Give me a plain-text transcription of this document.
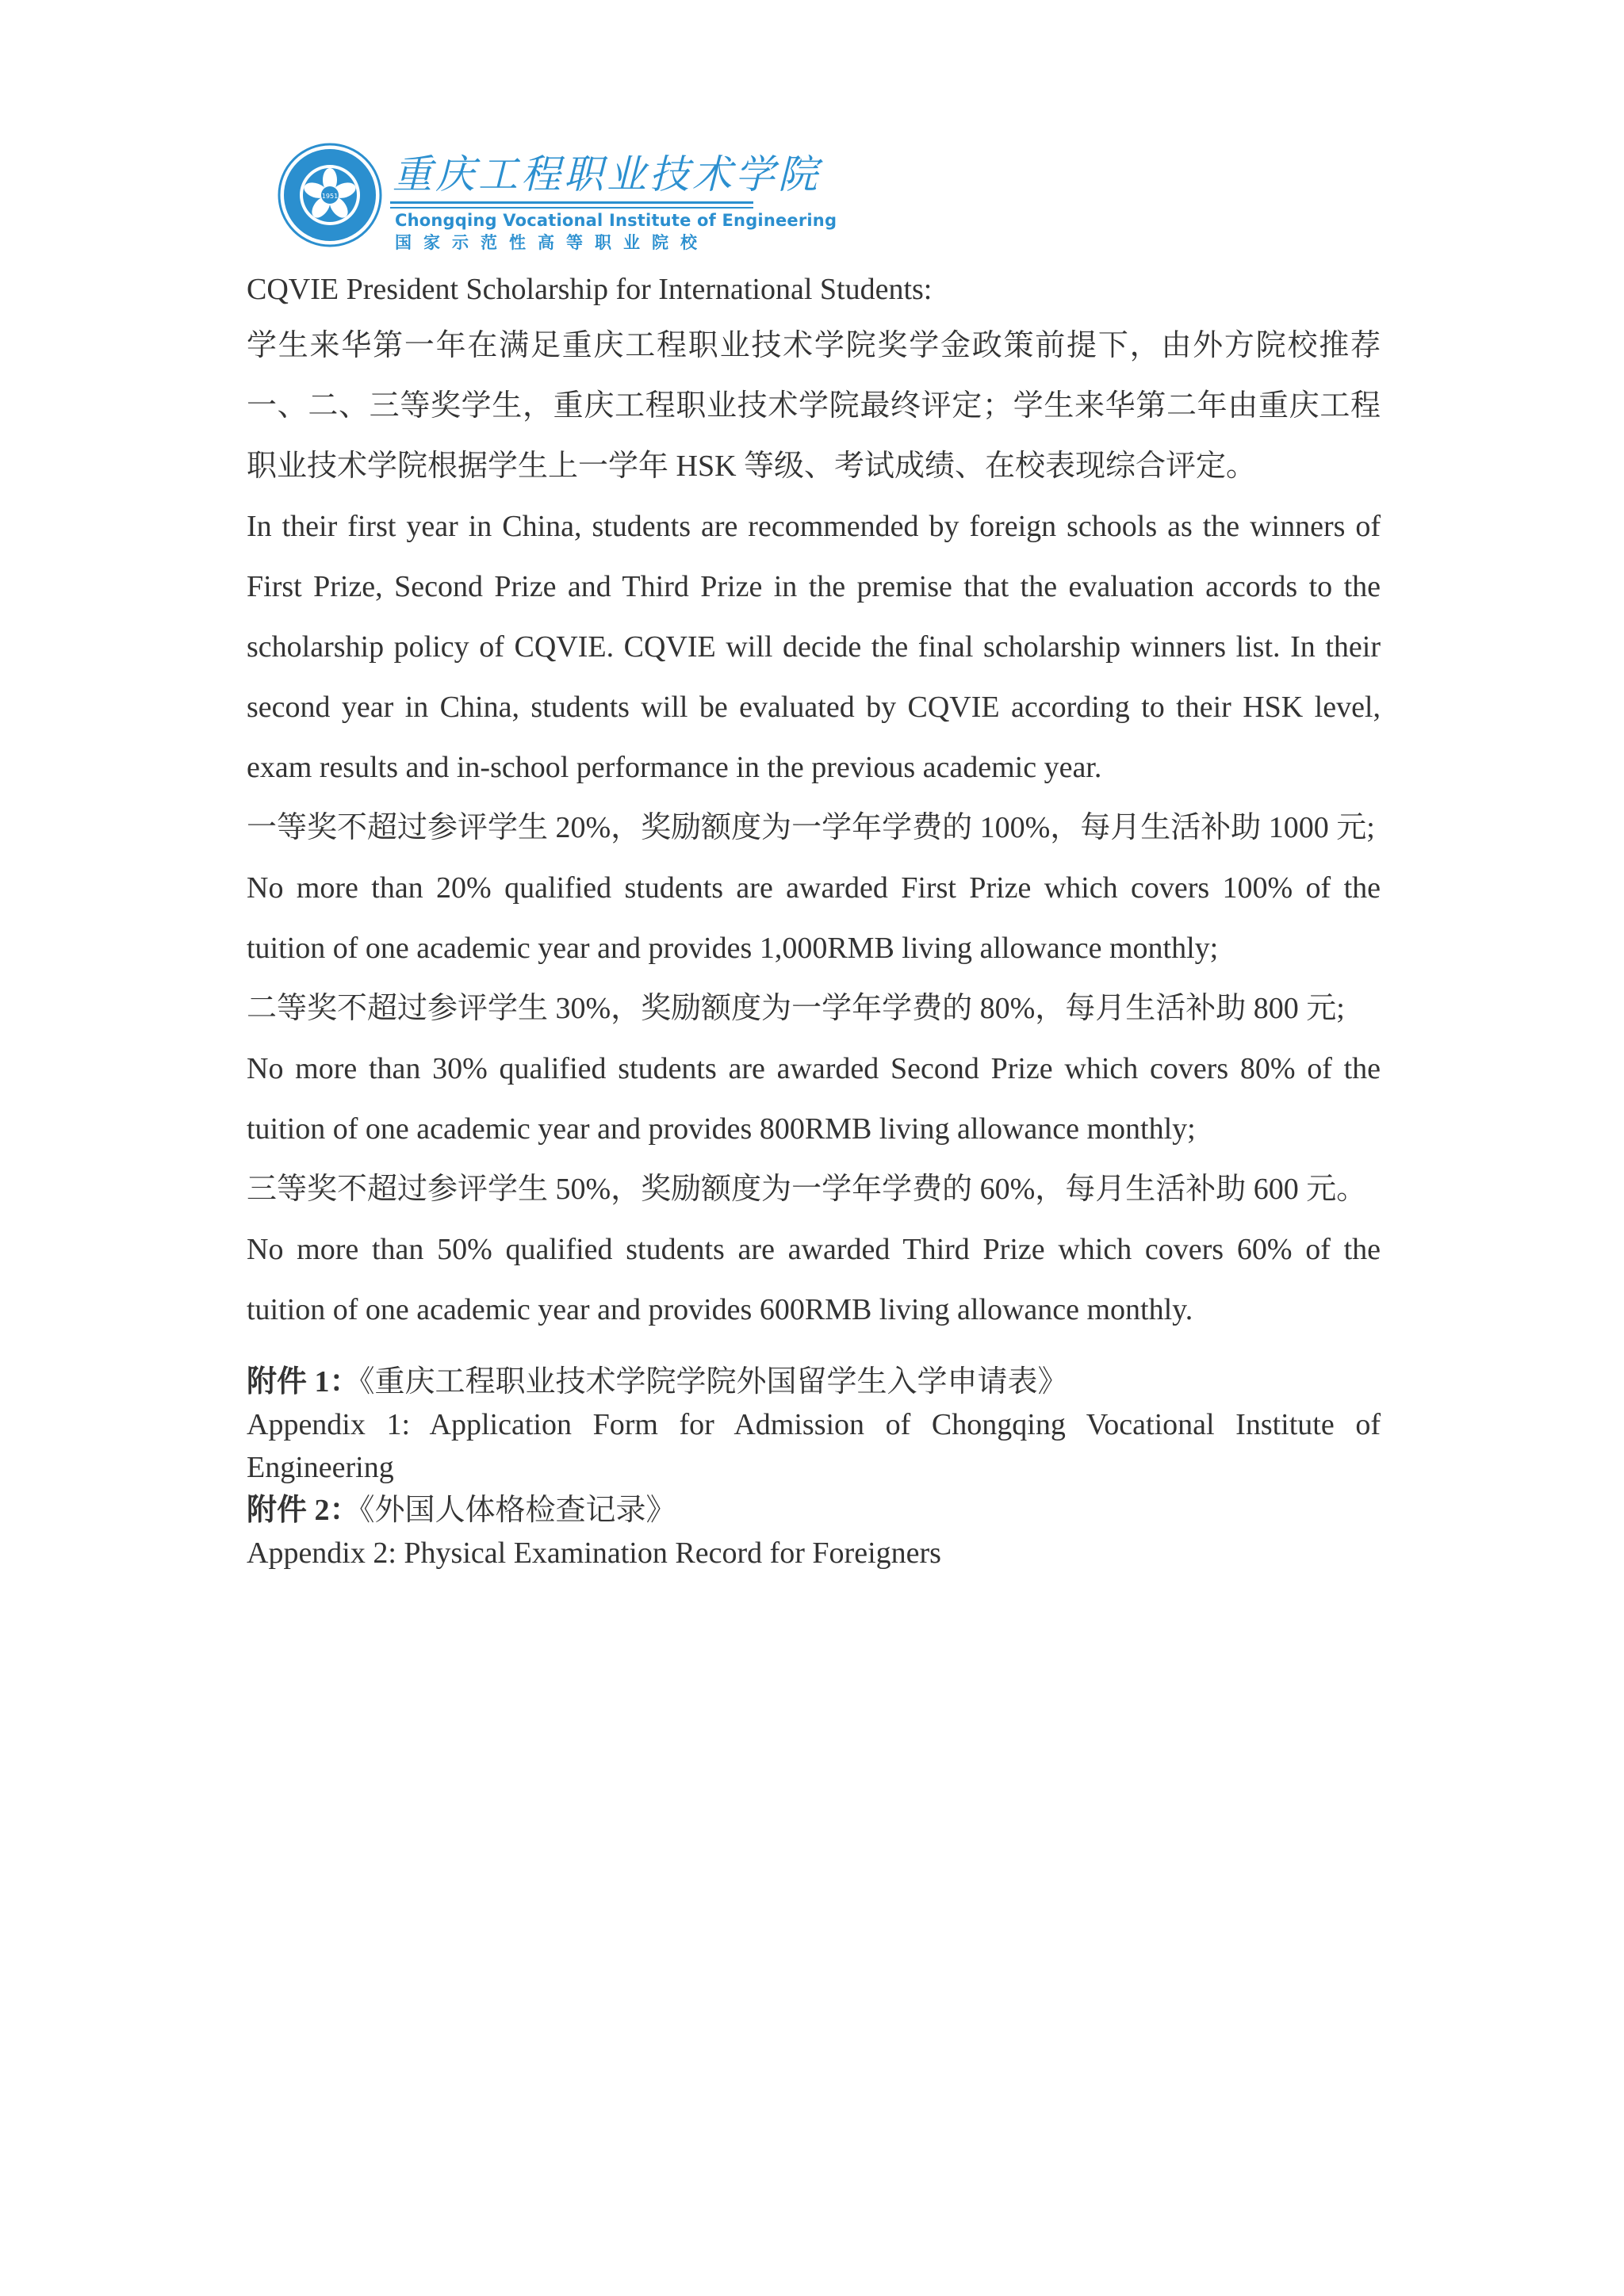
1951 重庆工程职业技术学院
Chongqing Vocational Institute of Engineering
国家示范性高等职业院校

CQVIE President Scholarship for International Students:

学生来华第一年在满足重庆工程职业技术学院奖学金政策前提下，由外方院校推荐一、二、三等奖学生，重庆工程职业技术学院最终评定；学生来华第二年由重庆工程职业技术学院根据学生上一学年 HSK 等级、考试成绩、在校表现综合评定。

In their first year in China, students are recommended by foreign schools as the winners of First Prize, Second Prize and Third Prize in the premise that the evaluation accords to the scholarship policy of CQVIE. CQVIE will decide the final scholarship winners list. In their second year in China, students will be evaluated by CQVIE according to their HSK level, exam results and in-school performance in the previous academic year.

一等奖不超过参评学生 20%，奖励额度为一学年学费的 100%，每月生活补助 1000 元;

No more than 20% qualified students are awarded First Prize which covers 100% of the tuition of one academic year and provides 1,000RMB living allowance monthly;

二等奖不超过参评学生 30%，奖励额度为一学年学费的 80%，每月生活补助 800 元;

No more than 30% qualified students are awarded Second Prize which covers 80% of the tuition of one academic year and provides 800RMB living allowance monthly;

三等奖不超过参评学生 50%，奖励额度为一学年学费的 60%，每月生活补助 600 元。

No more than 50% qualified students are awarded Third Prize which covers 60% of the tuition of one academic year and provides 600RMB living allowance monthly.

附件 1：《重庆工程职业技术学院学院外国留学生入学申请表》

Appendix 1: Application Form for Admission of Chongqing Vocational Institute of Engineering

附件 2：《外国人体格检查记录》

Appendix 2: Physical Examination Record for Foreigners
